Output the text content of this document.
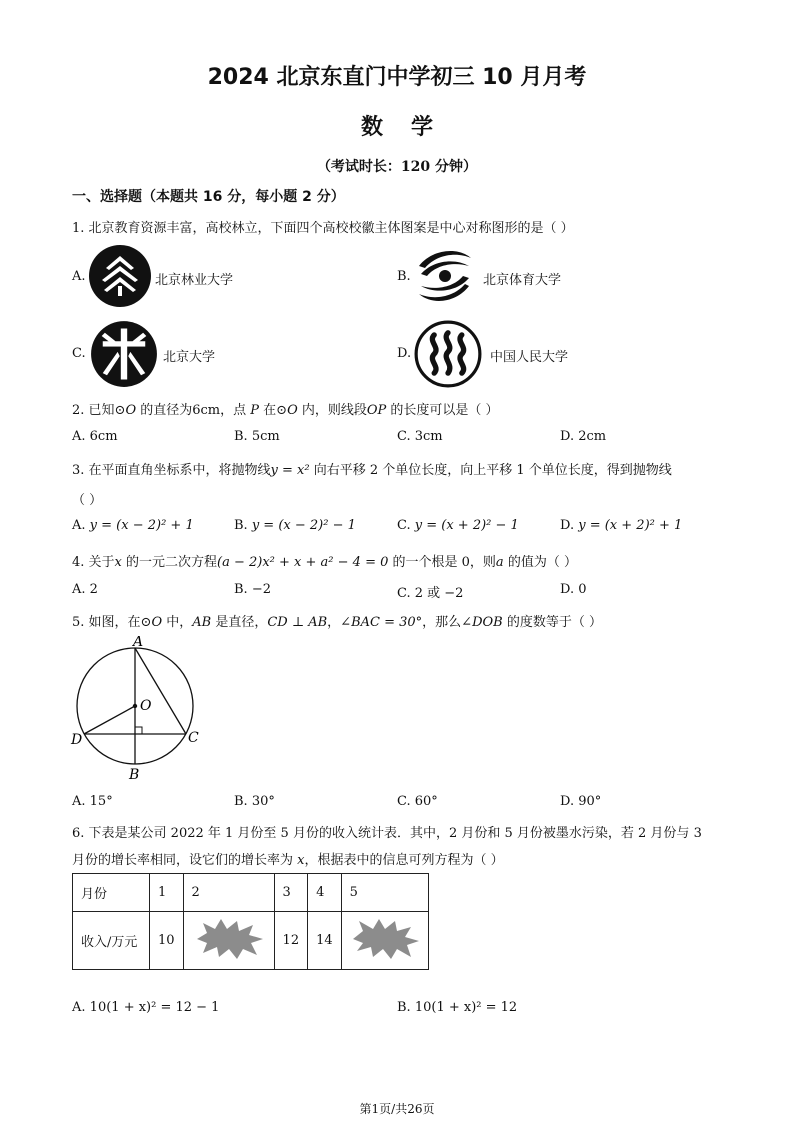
2024 北京东直门中学初三 10 月月考
数学
（考试时长：120 分钟）
一、选择题（本题共 16 分，每小题 2 分）
1. 北京教育资源丰富，高校林立，下面四个高校校徽主体图案是中心对称图形的是（ ）
A.	北京林业大学	B.	北京体育大学
C.	北京大学	D.	中国人民大学
2. 已知⊙O 的直径为6cm，点 P 在⊙O 内，则线段OP 的长度可以是（ ）
A. 6cm	B. 5cm	C. 3cm	D. 2cm
3. 在平面直角坐标系中，将抛物线y = x² 向右平移 2 个单位长度，向上平移 1 个单位长度，得到抛物线
（ ）
A. y = (x − 2)² + 1	B. y = (x − 2)² − 1	C. y = (x + 2)² − 1	D. y = (x + 2)² + 1
4. 关于x 的一元二次方程(a − 2)x² + x + a² − 4 = 0 的一个根是 0，则a 的值为（ ）
A. 2	B. −2	C. 2 或 −2	D. 0
5. 如图，在⊙O 中，AB 是直径，CD ⊥ AB，∠BAC = 30°，那么∠DOB 的度数等于（ ）
A
O
D	C
B
A. 15°	B. 30°	C. 60°	D. 90°
6. 下表是某公司 2022 年 1 月份至 5 月份的收入统计表．其中，2 月份和 5 月份被墨水污染，若 2 月份与 3
月份的增长率相同，设它们的增长率为 x，根据表中的信息可列方程为（ ）
月份	1	2	3	4	5
收入/万元	10		12	14	
A. 10(1 + x)² = 12 − 1	B. 10(1 + x)² = 12
第1页/共26页
